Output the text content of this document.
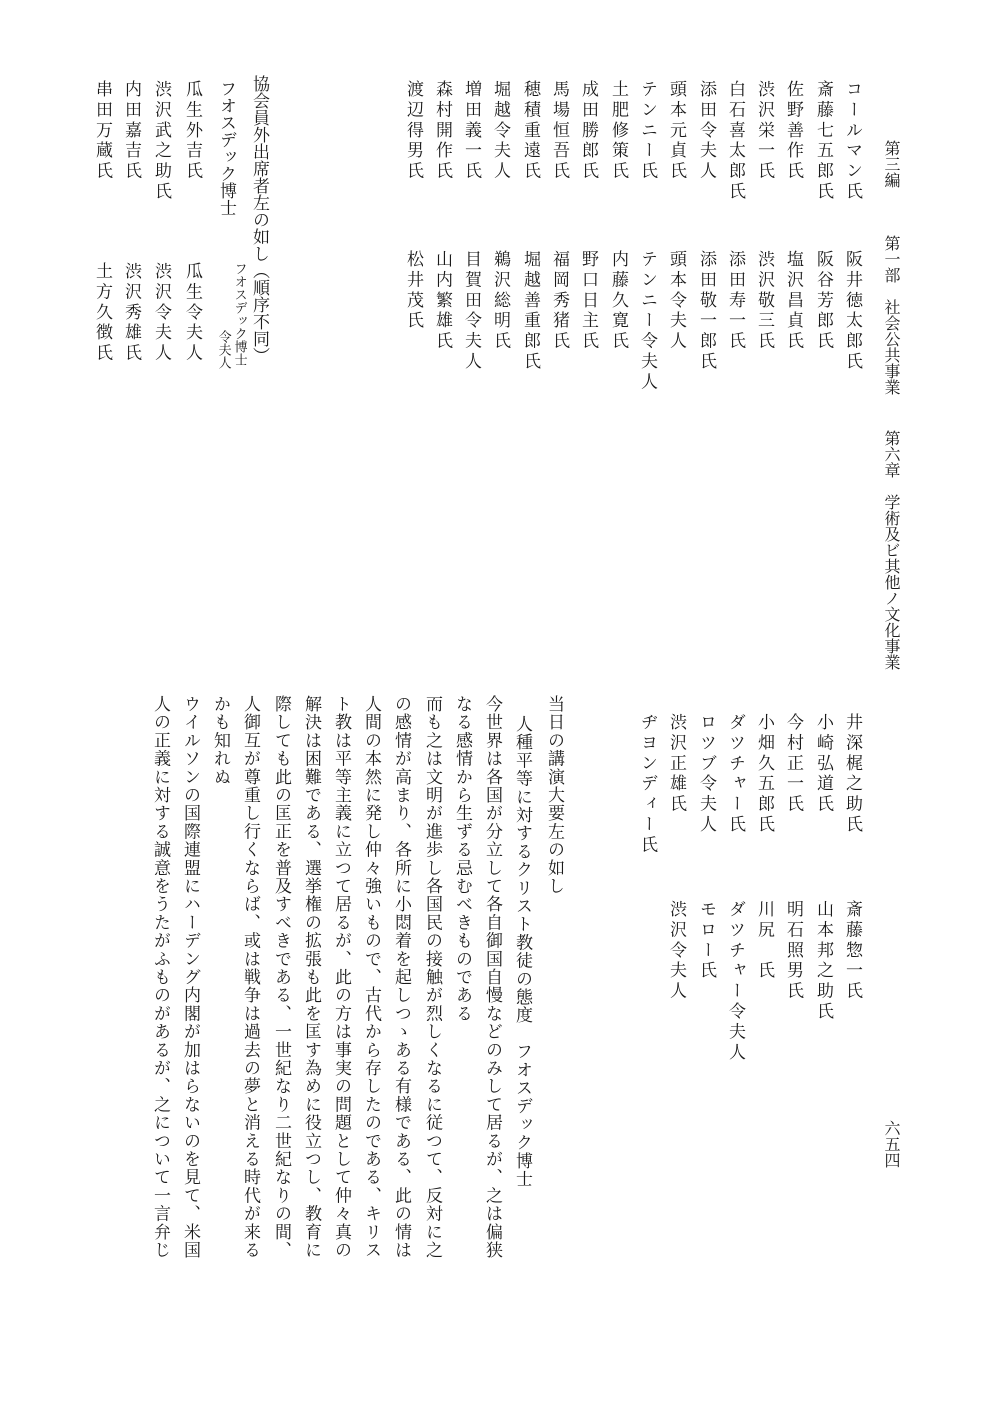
第三編
第一部　社会公共事業
第六章　学術及ビ其他ノ文化事業
六五四
コールマン氏
阪井徳太郎氏
斎藤七五郎氏
阪谷芳郎氏
佐野善作氏
塩沢昌貞氏
渋沢栄一氏
渋沢敬三氏
白石喜太郎氏
添田寿一氏
添田令夫人
添田敬一郎氏
頭本元貞氏
頭本令夫人
テンニー氏
テンニー令夫人
土肥修策氏
内藤久寛氏
成田勝郎氏
野口日主氏
馬場恒吾氏
福岡秀猪氏
穂積重遠氏
堀越善重郎氏
堀越令夫人
鵜沢総明氏
増田義一氏
目賀田令夫人
森村開作氏
山内繁雄氏
渡辺得男氏
松井茂氏
協会員外出席者左の如し（順序不同）
フオスデック博士
フオスデック博士
令夫人
瓜生外吉氏
瓜生令夫人
渋沢武之助氏
渋沢令夫人
内田嘉吉氏
渋沢秀雄氏
串田万蔵氏
土方久徴氏
井深梶之助氏
斎藤惣一氏
小崎弘道氏
山本邦之助氏
今村正一氏
明石照男氏
小畑久五郎氏
川尻　氏
ダツチャー氏
ダツチャー令夫人
ロツブ令夫人
モロー氏
渋沢正雄氏
渋沢令夫人
ヂヨンディー氏
当日の講演大要左の如し
人種平等に対するクリスト教徒の態度　フオスデック博士
今世界は各国が分立して各自御国自慢などのみして居るが、之は偏狭
なる感情から生ずる忌むべきものである
而も之は文明が進歩し各国民の接触が烈しくなるに従つて、反対に之
の感情が高まり、各所に小悶着を起しつゝある有様である、此の情は
人間の本然に発し仲々強いもので、古代から存したのである、キリス
ト教は平等主義に立つて居るが、此の方は事実の問題として仲々真の
解決は困難である、選挙権の拡張も此を匡す為めに役立つし、教育に
際しても此の匡正を普及すべきである、一世紀なり二世紀なりの間、
人御互が尊重し行くならば、或は戦争は過去の夢と消える時代が来る
かも知れぬ
ウイルソンの国際連盟にハーデング内閣が加はらないのを見て、米国
人の正義に対する誠意をうたがふものがあるが、之について一言弁じ
